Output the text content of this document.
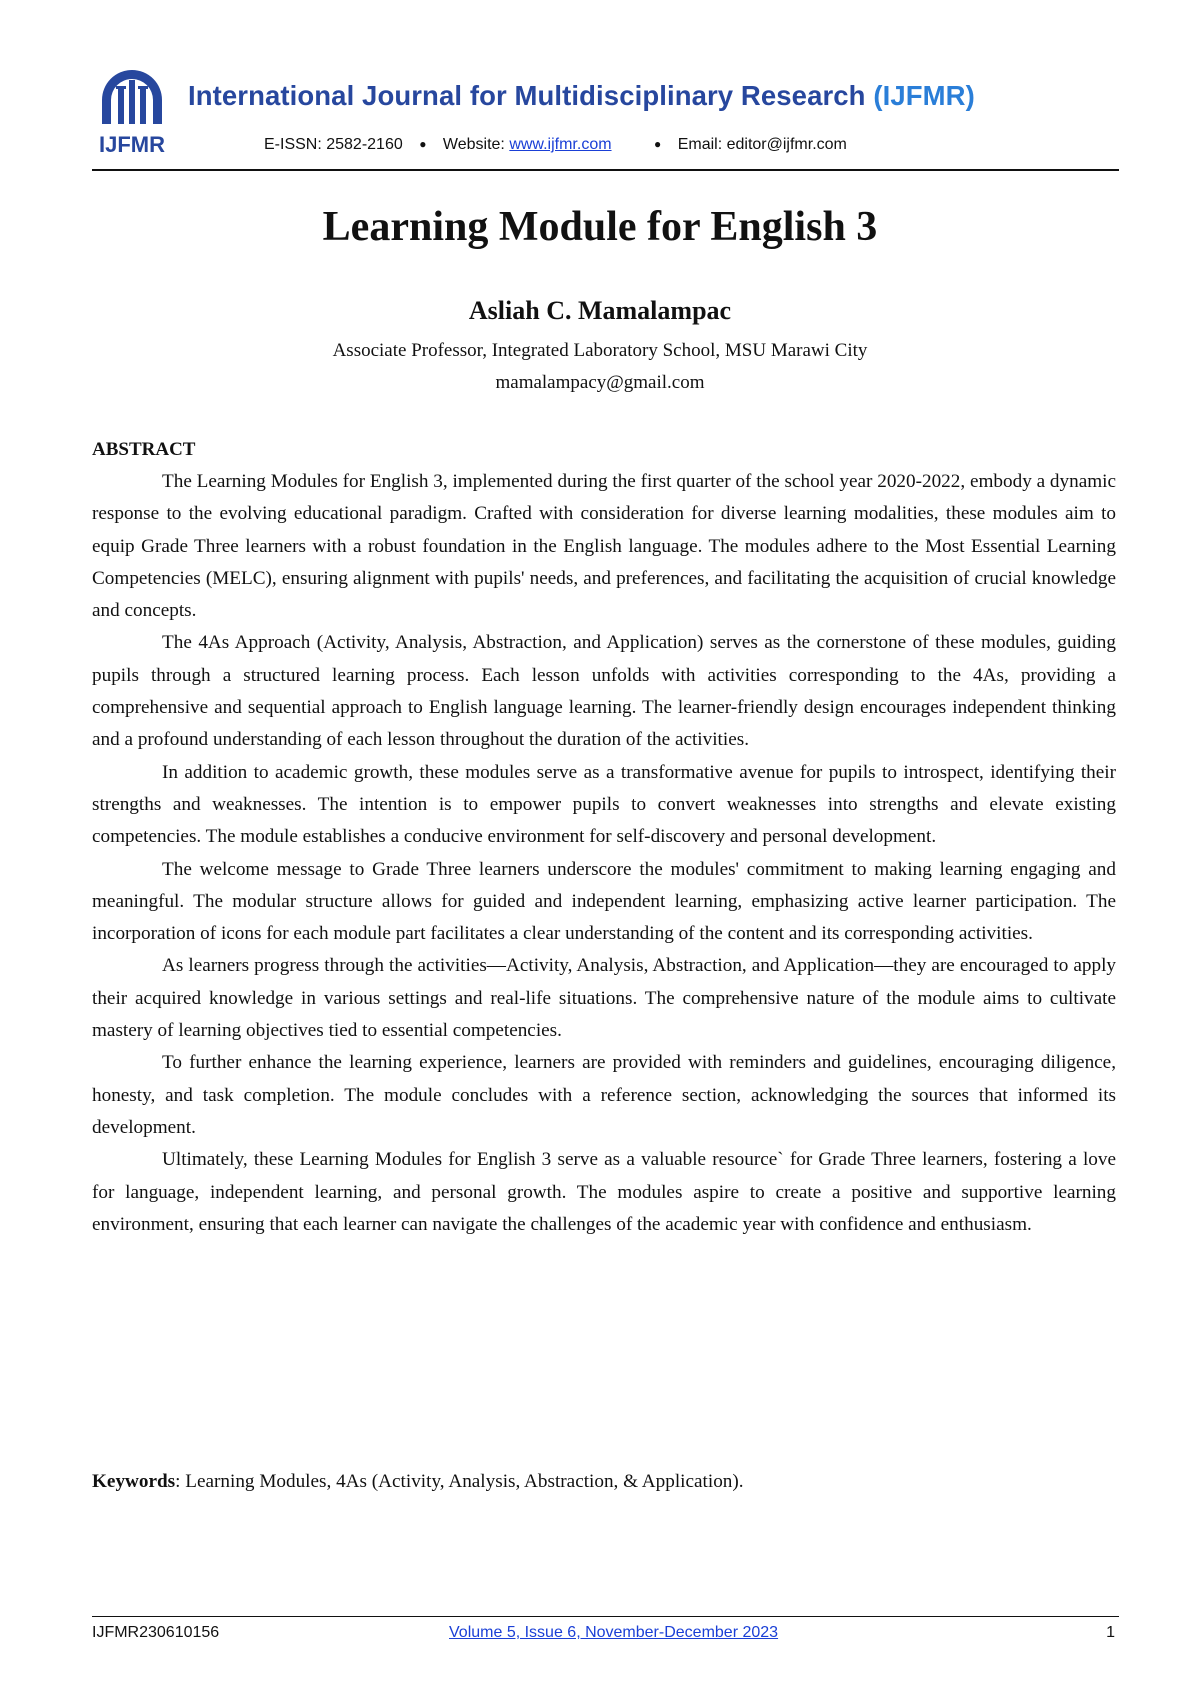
IJFMR
International Journal for Multidisciplinary Research (IJFMR)
E-ISSN: 2582-2160 ● Website: www.ijfmr.com	● Email: editor@ijfmr.com
Learning Module for English 3
Asliah C. Mamalampac
Associate Professor, Integrated Laboratory School, MSU Marawi City
mamalampacy@gmail.com
ABSTRACT

The Learning Modules for English 3, implemented during the first quarter of the school year 2020-2022, embody a dynamic response to the evolving educational paradigm. Crafted with consideration for diverse learning modalities, these modules aim to equip Grade Three learners with a robust foundation in the English language. The modules adhere to the Most Essential Learning Competencies (MELC), ensuring alignment with pupils' needs, and preferences, and facilitating the acquisition of crucial knowledge and concepts.

The 4As Approach (Activity, Analysis, Abstraction, and Application) serves as the cornerstone of these modules, guiding pupils through a structured learning process. Each lesson unfolds with activities corresponding to the 4As, providing a comprehensive and sequential approach to English language learning. The learner-friendly design encourages independent thinking and a profound understanding of each lesson throughout the duration of the activities.

In addition to academic growth, these modules serve as a transformative avenue for pupils to introspect, identifying their strengths and weaknesses. The intention is to empower pupils to convert weaknesses into strengths and elevate existing competencies. The module establishes a conducive environment for self-discovery and personal development.

The welcome message to Grade Three learners underscore the modules' commitment to making learning engaging and meaningful. The modular structure allows for guided and independent learning, emphasizing active learner participation. The incorporation of icons for each module part facilitates a clear understanding of the content and its corresponding activities.

As learners progress through the activities—Activity, Analysis, Abstraction, and Application—they are encouraged to apply their acquired knowledge in various settings and real-life situations. The comprehensive nature of the module aims to cultivate mastery of learning objectives tied to essential competencies.

To further enhance the learning experience, learners are provided with reminders and guidelines, encouraging diligence, honesty, and task completion. The module concludes with a reference section, acknowledging the sources that informed its development.

Ultimately, these Learning Modules for English 3 serve as a valuable resource` for Grade Three learners, fostering a love for language, independent learning, and personal growth. The modules aspire to create a positive and supportive learning environment, ensuring that each learner can navigate the challenges of the academic year with confidence and enthusiasm.

Keywords: Learning Modules, 4As (Activity, Analysis, Abstraction, & Application).
IJFMR230610156	Volume 5, Issue 6, November-December 2023	1
